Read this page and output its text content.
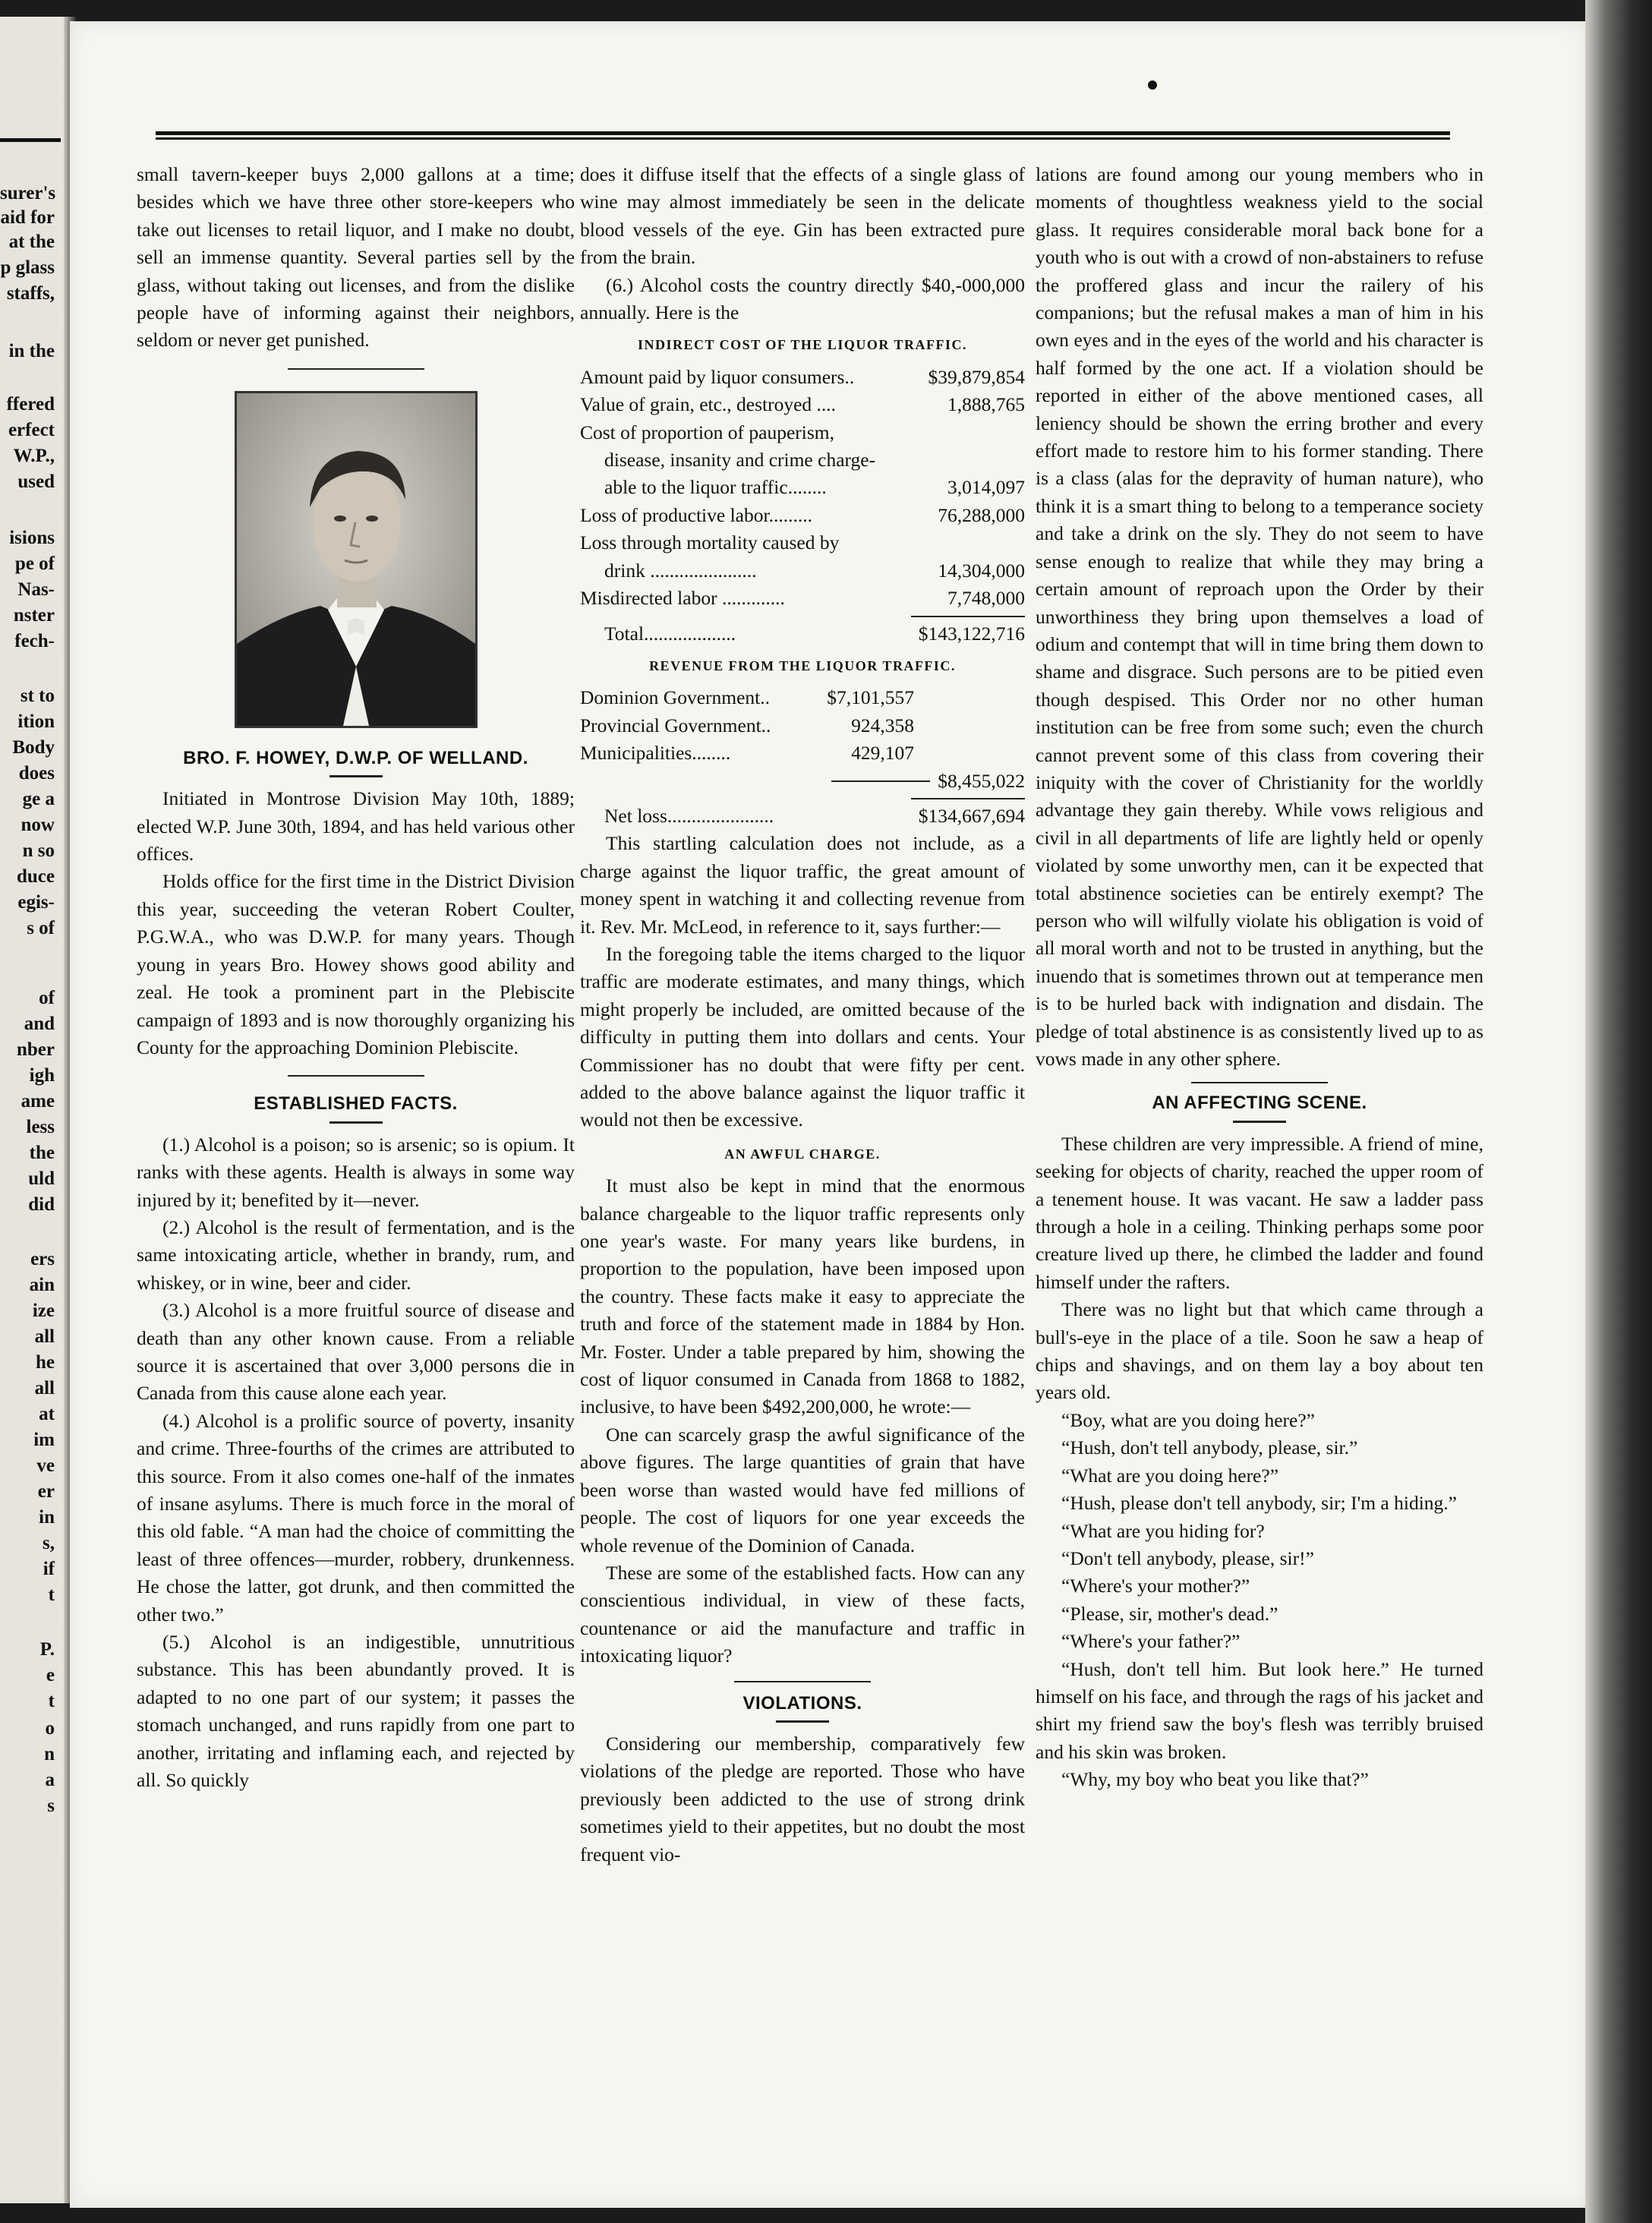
surer's
aid for
at the
p glass
staffs,
in the
ffered
erfect
W.P.,
used
isions
pe of
Nas-
nster
fech-
st to
ition
Body
does
ge a
now
n so
duce
egis-
s of
of
and
nber
igh
ame
less
the
uld
did
ers
ain
ize
all
he
all
at
im
ve
er
in
s,
if
t
P.
e
t
o
n
a
s

small tavern-keeper buys 2,000 gallons at a time; besides which we have three other store-keepers who take out licenses to retail liquor, and I make no doubt, sell an immense quantity. Several parties sell by the glass, without taking out licenses, and from the dislike people have of informing against their neighbors, seldom or never get punished.

BRO. F. HOWEY, D.W.P. OF WELLAND.

Initiated in Montrose Division May 10th, 1889; elected W.P. June 30th, 1894, and has held various other offices.

Holds office for the first time in the District Division this year, succeeding the veteran Robert Coulter, P.G.W.A., who was D.W.P. for many years. Though young in years Bro. Howey shows good ability and zeal. He took a prominent part in the Plebiscite campaign of 1893 and is now thoroughly organizing his County for the approaching Dominion Plebiscite.

ESTABLISHED FACTS.

(1.) Alcohol is a poison; so is arsenic; so is opium. It ranks with these agents. Health is always in some way injured by it; benefited by it—never.

(2.) Alcohol is the result of fermentation, and is the same intoxicating article, whether in brandy, rum, and whiskey, or in wine, beer and cider.

(3.) Alcohol is a more fruitful source of disease and death than any other known cause. From a reliable source it is ascertained that over 3,000 persons die in Canada from this cause alone each year.

(4.) Alcohol is a prolific source of poverty, insanity and crime. Three-fourths of the crimes are attributed to this source. From it also comes one-half of the inmates of insane asylums. There is much force in the moral of this old fable. “A man had the choice of committing the least of three offences—murder, robbery, drunkenness. He chose the latter, got drunk, and then committed the other two.”

(5.) Alcohol is an indigestible, unnutritious substance. This has been abundantly proved. It is adapted to no one part of our system; it passes the stomach unchanged, and runs rapidly from one part to another, irritating and inflaming each, and rejected by all. So quickly

does it diffuse itself that the effects of a single glass of wine may almost immediately be seen in the delicate blood vessels of the eye. Gin has been extracted pure from the brain.

(6.) Alcohol costs the country directly $40,-000,000 annually. Here is the

INDIRECT COST OF THE LIQUOR TRAFFIC.

Amount paid by liquor consumers..	$39,879,854
Value of grain, etc., destroyed ....	1,888,765
Cost of proportion of pauperism,
disease, insanity and crime charge-
able to the liquor traffic........	3,014,097
Loss of productive labor.........	76,288,000
Loss through mortality caused by
drink ......................	14,304,000
Misdirected labor .............	7,748,000
Total...................	$143,122,716

REVENUE FROM THE LIQUOR TRAFFIC.

Dominion Government..	$7,101,557
Provincial Government..	924,358
Municipalities........	429,107
$8,455,022
Net loss......................	$134,667,694

This startling calculation does not include, as a charge against the liquor traffic, the great amount of money spent in watching it and collecting revenue from it. Rev. Mr. McLeod, in reference to it, says further:—

In the foregoing table the items charged to the liquor traffic are moderate estimates, and many things, which might properly be included, are omitted because of the difficulty in putting them into dollars and cents. Your Commissioner has no doubt that were fifty per cent. added to the above balance against the liquor traffic it would not then be excessive.

AN AWFUL CHARGE.

It must also be kept in mind that the enormous balance chargeable to the liquor traffic represents only one year's waste. For many years like burdens, in proportion to the population, have been imposed upon the country. These facts make it easy to appreciate the truth and force of the statement made in 1884 by Hon. Mr. Foster. Under a table prepared by him, showing the cost of liquor consumed in Canada from 1868 to 1882, inclusive, to have been $492,200,000, he wrote:—

One can scarcely grasp the awful significance of the above figures. The large quantities of grain that have been worse than wasted would have fed millions of people. The cost of liquors for one year exceeds the whole revenue of the Dominion of Canada.

These are some of the established facts. How can any conscientious individual, in view of these facts, countenance or aid the manufacture and traffic in intoxicating liquor?

VIOLATIONS.

Considering our membership, comparatively few violations of the pledge are reported. Those who have previously been addicted to the use of strong drink sometimes yield to their appetites, but no doubt the most frequent vio-

lations are found among our young members who in moments of thoughtless weakness yield to the social glass. It requires considerable moral back bone for a youth who is out with a crowd of non-abstainers to refuse the proffered glass and incur the railery of his companions; but the refusal makes a man of him in his own eyes and in the eyes of the world and his character is half formed by the one act. If a violation should be reported in either of the above mentioned cases, all leniency should be shown the erring brother and every effort made to restore him to his former standing. There is a class (alas for the depravity of human nature), who think it is a smart thing to belong to a temperance society and take a drink on the sly. They do not seem to have sense enough to realize that while they may bring a certain amount of reproach upon the Order by their unworthiness they bring upon themselves a load of odium and contempt that will in time bring them down to shame and disgrace. Such persons are to be pitied even though despised. This Order nor no other human institution can be free from some such; even the church cannot prevent some of this class from covering their iniquity with the cover of Christianity for the worldly advantage they gain thereby. While vows religious and civil in all departments of life are lightly held or openly violated by some unworthy men, can it be expected that total abstinence societies can be entirely exempt? The person who will wilfully violate his obligation is void of all moral worth and not to be trusted in anything, but the inuendo that is sometimes thrown out at temperance men is to be hurled back with indignation and disdain. The pledge of total abstinence is as consistently lived up to as vows made in any other sphere.

AN AFFECTING SCENE.

These children are very impressible. A friend of mine, seeking for objects of charity, reached the upper room of a tenement house. It was vacant. He saw a ladder pass through a hole in a ceiling. Thinking perhaps some poor creature lived up there, he climbed the ladder and found himself under the rafters.

There was no light but that which came through a bull's-eye in the place of a tile. Soon he saw a heap of chips and shavings, and on them lay a boy about ten years old.

“Boy, what are you doing here?”

“Hush, don't tell anybody, please, sir.”

“What are you doing here?”

“Hush, please don't tell anybody, sir; I'm a hiding.”

“What are you hiding for?

“Don't tell anybody, please, sir!”

“Where's your mother?”

“Please, sir, mother's dead.”

“Where's your father?”

“Hush, don't tell him. But look here.” He turned himself on his face, and through the rags of his jacket and shirt my friend saw the boy's flesh was terribly bruised and his skin was broken.

“Why, my boy who beat you like that?”
